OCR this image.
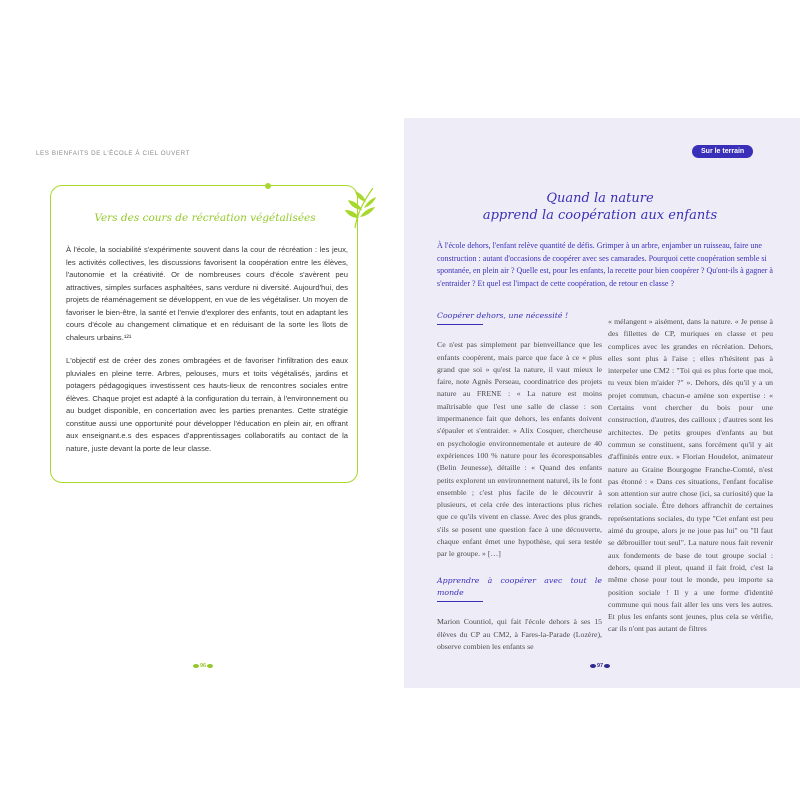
LES BIENFAITS DE L'ÉCOLE À CIEL OUVERT
Vers des cours de récréation végétalisées

À l'école, la sociabilité s'expérimente souvent dans la cour de récréation : les jeux, les activités collectives, les discussions favorisent la coopération entre les élèves, l'autonomie et la créativité. Or de nombreuses cours d'école s'avèrent peu attractives, simples surfaces asphaltées, sans verdure ni diversité. Aujourd'hui, des projets de réaménagement se développent, en vue de les végétaliser. Un moyen de favoriser le bien-être, la santé et l'envie d'explorer des enfants, tout en adaptant les cours d'école au changement climatique et en réduisant de la sorte les îlots de chaleurs urbains.¹²¹

L'objectif est de créer des zones ombragées et de favoriser l'infiltration des eaux pluviales en pleine terre. Arbres, pelouses, murs et toits végétalisés, jardins et potagers pédagogiques investissent ces hauts-lieux de rencontres sociales entre élèves. Chaque projet est adapté à la configuration du terrain, à l'environnement ou au budget disponible, en concertation avec les parties prenantes. Cette stratégie constitue aussi une opportunité pour développer l'éducation en plein air, en offrant aux enseignant.e.s des espaces d'apprentissages collaboratifs au contact de la nature, juste devant la porte de leur classe.

96
Sur le terrain
Quand la nature
apprend la coopération aux enfants
À l'école dehors, l'enfant relève quantité de défis. Grimper à un arbre, enjamber un ruisseau, faire une construction : autant d'occasions de coopérer avec ses camarades. Pourquoi cette coopération semble si spontanée, en plein air ? Quelle est, pour les enfants, la recette pour bien coopérer ? Qu'ont-ils à gagner à s'entraider ? Et quel est l'impact de cette coopération, de retour en classe ?
Coopérer dehors, une nécessité !

Ce n'est pas simplement par bienveillance que les enfants coopèrent, mais parce que face à ce « plus grand que soi » qu'est la nature, il vaut mieux le faire, note Agnès Perseau, coordinatrice des projets nature au FRENE : « La nature est moins maîtrisable que l'est une salle de classe : son impermanence fait que dehors, les enfants doivent s'épauler et s'entraider. » Alix Cosquer, chercheuse en psychologie environnementale et auteure de 40 expériences 100 % nature pour les écoresponsables (Belin Jeunesse), détaille : « Quand des enfants petits explorent un environnement naturel, ils le font ensemble ; c'est plus facile de le découvrir à plusieurs, et cela crée des interactions plus riches que ce qu'ils vivent en classe. Avec des plus grands, s'ils se posent une question face à une découverte, chaque enfant émet une hypothèse, qui sera testée par le groupe. » […]

Apprendre à coopérer avec tout le monde

Marion Countiol, qui fait l'école dehors à ses 15 élèves du CP au CM2, à Fares-la-Parade (Lozère), observe combien les enfants se

« mélangent » aisément, dans la nature. « Je pense à des fillettes de CP, muriques en classe et peu complices avec les grandes en récréation. Dehors, elles sont plus à l'aise ; elles n'hésitent pas à interpeler une CM2 : "Toi qui es plus forte que moi, tu veux bien m'aider ?" ». Dehors, dès qu'il y a un projet commun, chacun-e amène son expertise : « Certains vont chercher du bois pour une construction, d'autres, des cailloux ; d'autres sont les architectes. De petits groupes d'enfants au but commun se constituent, sans forcément qu'il y ait d'affinités entre eux. » Florian Houdelot, animateur nature au Graine Bourgogne Franche-Comté, n'est pas étonné : « Dans ces situations, l'enfant focalise son attention sur autre chose (ici, sa curiosité) que la relation sociale. Être dehors affranchit de certaines représentations sociales, du type "Cet enfant est peu aimé du groupe, alors je ne joue pas lui" ou "Il faut se débrouiller tout seul". La nature nous fait revenir aux fondements de base de tout groupe social : dehors, quand il pleut, quand il fait froid, c'est la même chose pour tout le monde, peu importe sa position sociale ! Il y a une forme d'identité commune qui nous fait aller les uns vers les autres. Et plus les enfants sont jeunes, plus cela se vérifie, car ils n'ont pas autant de filtres

97
